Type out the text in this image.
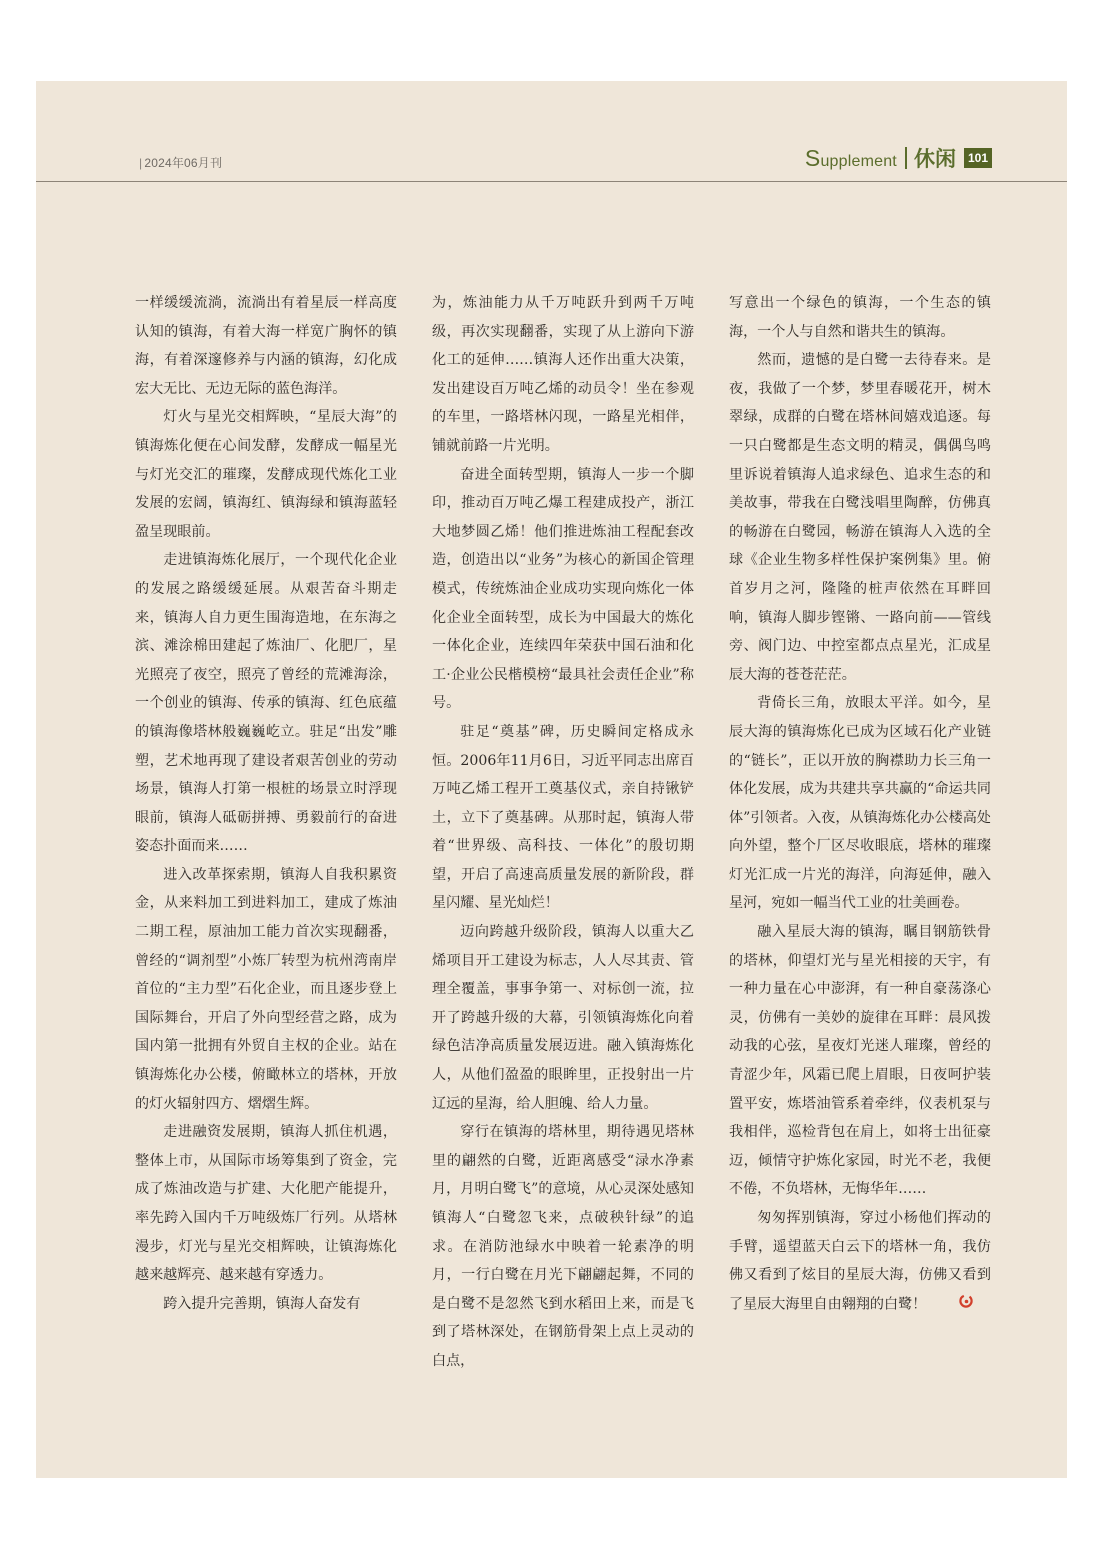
| 2024年06月刊	Supplement 休闲	101

一样缓缓流淌，流淌出有着星辰一样高度认知的镇海，有着大海一样宽广胸怀的镇海，有着深邃修养与内涵的镇海，幻化成宏大无比、无边无际的蓝色海洋。

灯火与星光交相辉映，“星辰大海”的镇海炼化便在心间发酵，发酵成一幅星光与灯光交汇的璀璨，发酵成现代炼化工业发展的宏阔，镇海红、镇海绿和镇海蓝轻盈呈现眼前。

走进镇海炼化展厅，一个现代化企业的发展之路缓缓延展。从艰苦奋斗期走来，镇海人自力更生围海造地，在东海之滨、滩涂棉田建起了炼油厂、化肥厂，星光照亮了夜空，照亮了曾经的荒滩海涂，一个创业的镇海、传承的镇海、红色底蕴的镇海像塔林般巍巍屹立。驻足“出发”雕塑，艺术地再现了建设者艰苦创业的劳动场景，镇海人打第一根桩的场景立时浮现眼前，镇海人砥砺拼搏、勇毅前行的奋进姿态扑面而来……

进入改革探索期，镇海人自我积累资金，从来料加工到进料加工，建成了炼油二期工程，原油加工能力首次实现翻番，曾经的“调剂型”小炼厂转型为杭州湾南岸首位的“主力型”石化企业，而且逐步登上国际舞台，开启了外向型经营之路，成为国内第一批拥有外贸自主权的企业。站在镇海炼化办公楼，俯瞰林立的塔林，开放的灯火辐射四方、熠熠生辉。

走进融资发展期，镇海人抓住机遇，整体上市，从国际市场筹集到了资金，完成了炼油改造与扩建、大化肥产能提升，率先跨入国内千万吨级炼厂行列。从塔林漫步，灯光与星光交相辉映，让镇海炼化越来越辉亮、越来越有穿透力。

跨入提升完善期，镇海人奋发有

为，炼油能力从千万吨跃升到两千万吨级，再次实现翻番，实现了从上游向下游化工的延伸……镇海人还作出重大决策，发出建设百万吨乙烯的动员令！坐在参观的车里，一路塔林闪现，一路星光相伴，铺就前路一片光明。

奋进全面转型期，镇海人一步一个脚印，推动百万吨乙爆工程建成投产，浙江大地梦圆乙烯！他们推进炼油工程配套改造，创造出以“业务”为核心的新国企管理模式，传统炼油企业成功实现向炼化一体化企业全面转型，成长为中国最大的炼化一体化企业，连续四年荣获中国石油和化工·企业公民楷模榜“最具社会责任企业”称号。

驻足“奠基”碑，历史瞬间定格成永恒。2006年11月6日，习近平同志出席百万吨乙烯工程开工奠基仪式，亲自持锹铲土，立下了奠基碑。从那时起，镇海人带着“世界级、高科技、一体化”的殷切期望，开启了高速高质量发展的新阶段，群星闪耀、星光灿烂！

迈向跨越升级阶段，镇海人以重大乙烯项目开工建设为标志，人人尽其责、管理全覆盖，事事争第一、对标创一流，拉开了跨越升级的大幕，引领镇海炼化向着绿色洁净高质量发展迈进。融入镇海炼化人，从他们盈盈的眼眸里，正投射出一片辽远的星海，给人胆魄、给人力量。

穿行在镇海的塔林里，期待遇见塔林里的翩然的白鹭，近距离感受“渌水净素月，月明白鹭飞”的意境，从心灵深处感知镇海人“白鹭忽飞来，点破秧针绿”的追求。在消防池绿水中映着一轮素净的明月，一行白鹭在月光下翩翩起舞，不同的是白鹭不是忽然飞到水稻田上来，而是飞到了塔林深处，在钢筋骨架上点上灵动的白点，

写意出一个绿色的镇海，一个生态的镇海，一个人与自然和谐共生的镇海。

然而，遗憾的是白鹭一去待春来。是夜，我做了一个梦，梦里春暖花开，树木翠绿，成群的白鹭在塔林间嬉戏追逐。每一只白鹭都是生态文明的精灵，偶偶鸟鸣里诉说着镇海人追求绿色、追求生态的和美故事，带我在白鹭浅唱里陶醉，仿佛真的畅游在白鹭园，畅游在镇海人入选的全球《企业生物多样性保护案例集》里。俯首岁月之河，隆隆的桩声依然在耳畔回响，镇海人脚步铿锵、一路向前——管线旁、阀门边、中控室都点点星光，汇成星辰大海的苍苍茫茫。

背倚长三角，放眼太平洋。如今，星辰大海的镇海炼化已成为区域石化产业链的“链长”，正以开放的胸襟助力长三角一体化发展，成为共建共享共赢的“命运共同体”引领者。入夜，从镇海炼化办公楼高处向外望，整个厂区尽收眼底，塔林的璀璨灯光汇成一片光的海洋，向海延伸，融入星河，宛如一幅当代工业的壮美画卷。

融入星辰大海的镇海，瞩目钢筋铁骨的塔林，仰望灯光与星光相接的天宇，有一种力量在心中澎湃，有一种自豪荡涤心灵，仿佛有一美妙的旋律在耳畔：晨风拨动我的心弦，星夜灯光迷人璀璨，曾经的青涩少年，风霜已爬上眉眼，日夜呵护装置平安，炼塔油管系着牵绊，仪表机泵与我相伴，巡检背包在肩上，如将士出征豪迈，倾情守护炼化家园，时光不老，我便不倦，不负塔林，无悔华年……

匆匆挥别镇海，穿过小杨他们挥动的手臂，遥望蓝天白云下的塔林一角，我仿佛又看到了炫目的星辰大海，仿佛又看到了星辰大海里自由翱翔的白鹭！
